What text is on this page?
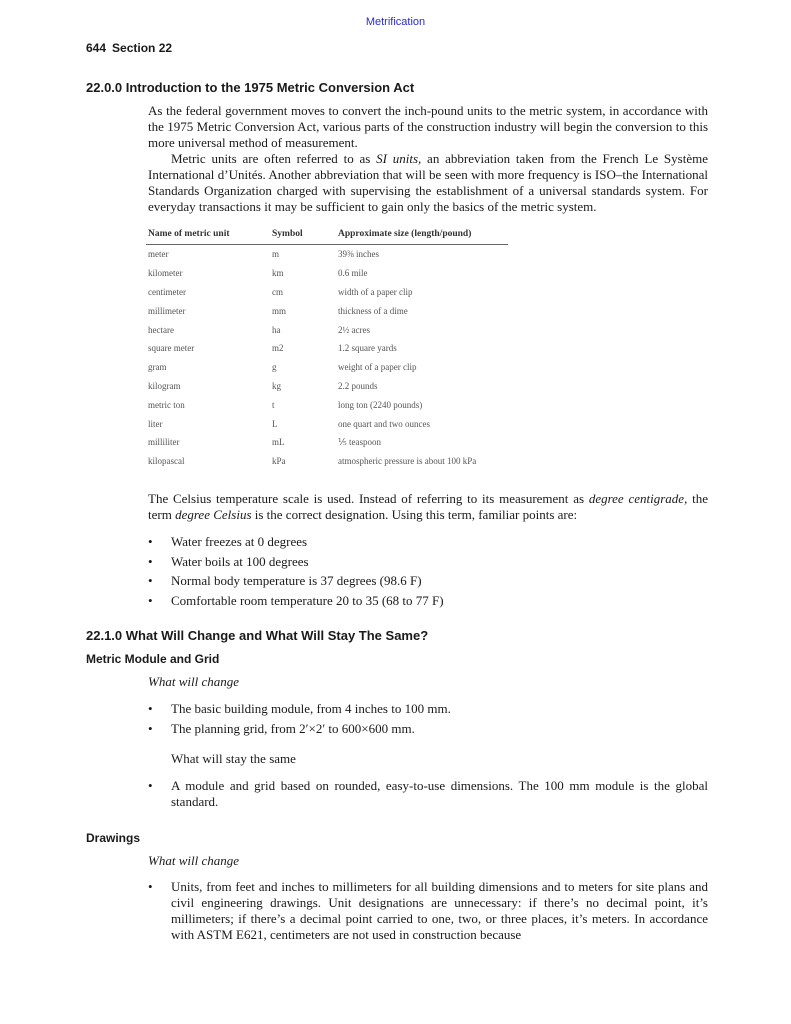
Metrification
644 Section 22
22.0.0 Introduction to the 1975 Metric Conversion Act

As the federal government moves to convert the inch-pound units to the metric system, in accordance with the 1975 Metric Conversion Act, various parts of the construction industry will begin the conversion to this more universal method of measurement.

Metric units are often referred to as SI units, an abbreviation taken from the French Le Système International d’Unités. Another abbreviation that will be seen with more frequency is ISO–the International Standards Organization charged with supervising the establishment of a universal standards system. For everyday transactions it may be sufficient to gain only the basics of the metric system.

Name of metric unit	Symbol	Approximate size (length/pound)
meter	m	39⅜ inches
kilometer	km	0.6 mile
centimeter	cm	width of a paper clip
millimeter	mm	thickness of a dime
hectare	ha	2½ acres
square meter	m2	1.2 square yards
gram	g	weight of a paper clip
kilogram	kg	2.2 pounds
metric ton	t	long ton (2240 pounds)
liter	L	one quart and two ounces
milliliter	mL	⅕ teaspoon
kilopascal	kPa	atmospheric pressure is about 100 kPa

The Celsius temperature scale is used. Instead of referring to its measurement as degree centigrade, the term degree Celsius is the correct designation. Using this term, familiar points are:

• Water freezes at 0 degrees
• Water boils at 100 degrees
• Normal body temperature is 37 degrees (98.6 F)
• Comfortable room temperature 20 to 35 (68 to 77 F)
22.1.0 What Will Change and What Will Stay The Same?
Metric Module and Grid
What will change
• The basic building module, from 4 inches to 100 mm.
• The planning grid, from 2′×2′ to 600×600 mm.
What will stay the same
• A module and grid based on rounded, easy-to-use dimensions. The 100 mm module is the global standard.
Drawings
What will change
• Units, from feet and inches to millimeters for all building dimensions and to meters for site plans and civil engineering drawings. Unit designations are unnecessary: if there’s no decimal point, it’s millimeters; if there’s a decimal point carried to one, two, or three places, it’s meters. In accordance with ASTM E621, centimeters are not used in construction because
